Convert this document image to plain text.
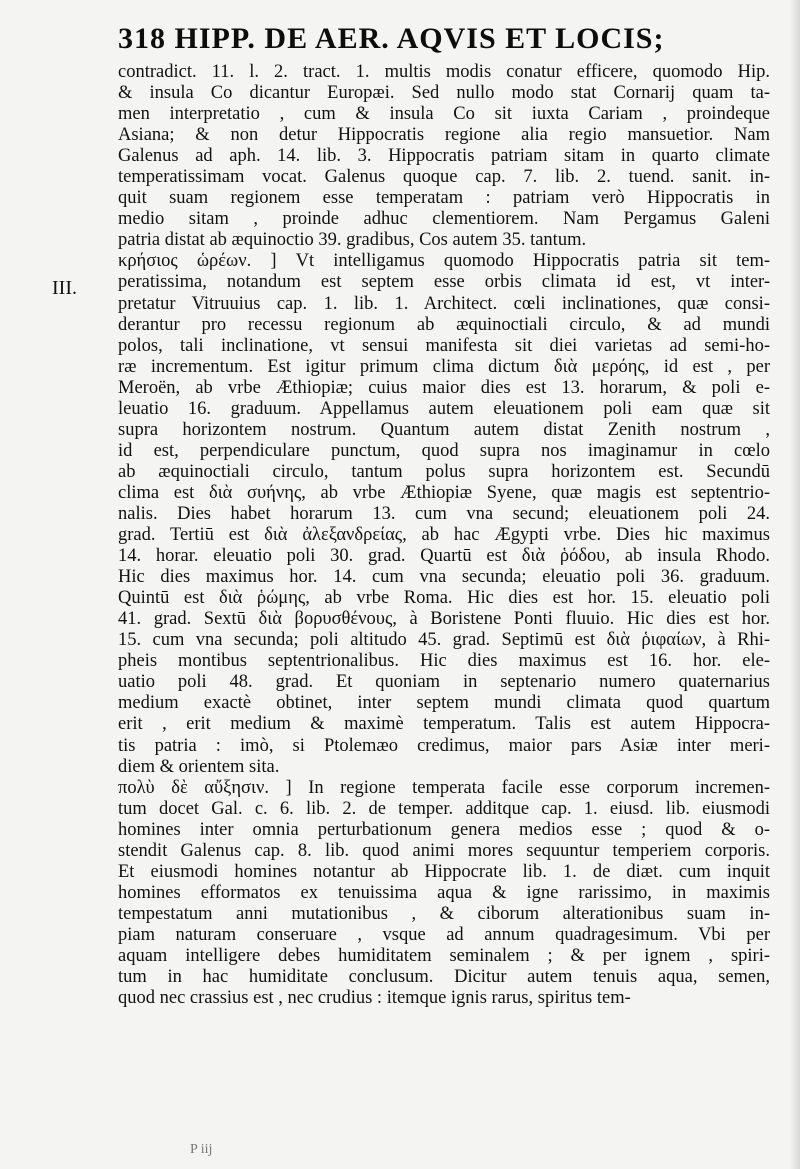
318 HIPP. DE AER. AQVIS ET LOCIS;
III.
contradict. 11. l. 2. tract. 1. multis modis conatur efficere, quomodo Hip.
& insula Co dicantur Europæi. Sed nullo modo stat Cornarij quam ta-
men interpretatio , cum & insula Co sit iuxta Cariam , proindeque
Asiana; & non detur Hippocratis regione alia regio mansuetior. Nam
Galenus ad aph. 14. lib. 3. Hippocratis patriam sitam in quarto climate
temperatissimam vocat. Galenus quoque cap. 7. lib. 2. tuend. sanit. in-
quit suam regionem esse temperatam : patriam verò Hippocratis in
medio sitam , proinde adhuc clementiorem. Nam Pergamus Galeni
patria distat ab æquinoctio 39. gradibus, Cos autem 35. tantum.
κρήσιος ὡρέων. ] Vt intelligamus quomodo Hippocratis patria sit tem-
peratissima, notandum est septem esse orbis climata id est, vt inter-
pretatur Vitruuius cap. 1. lib. 1. Architect. cœli inclinationes, quæ consi-
derantur pro recessu regionum ab æquinoctiali circulo, & ad mundi
polos, tali inclinatione, vt sensui manifesta sit diei varietas ad semi-ho-
ræ incrementum. Est igitur primum clima dictum διὰ μερόης, id est , per
Meroën, ab vrbe Æthiopiæ; cuius maior dies est 13. horarum, & poli e-
leuatio 16. graduum. Appellamus autem eleuationem poli eam quæ sit
supra horizontem nostrum. Quantum autem distat Zenith nostrum ,
id est, perpendiculare punctum, quod supra nos imaginamur in cœlo
ab æquinoctiali circulo, tantum polus supra horizontem est. Secundū
clima est διὰ συήνης, ab vrbe Æthiopiæ Syene, quæ magis est septentrio-
nalis. Dies habet horarum 13. cum vna secund; eleuationem poli 24.
grad. Tertiū est διὰ ἀλεξανδρείας, ab hac Ægypti vrbe. Dies hic maximus
14. horar. eleuatio poli 30. grad. Quartū est διὰ ῥόδου, ab insula Rhodo.
Hic dies maximus hor. 14. cum vna secunda; eleuatio poli 36. graduum.
Quintū est διὰ ῥώμης, ab vrbe Roma. Hic dies est hor. 15. eleuatio poli
41. grad. Sextū διὰ βορυσθένους, à Boristene Ponti fluuio. Hic dies est hor.
15. cum vna secunda; poli altitudo 45. grad. Septimū est διὰ ῥιφαίων, à Rhi-
pheis montibus septentrionalibus. Hic dies maximus est 16. hor. ele-
uatio poli 48. grad. Et quoniam in septenario numero quaternarius
medium exactè obtinet, inter septem mundi climata quod quartum
erit , erit medium & maximè temperatum. Talis est autem Hippocra-
tis patria : imò, si Ptolemæo credimus, maior pars Asiæ inter meri-
diem & orientem sita.
πολὺ δὲ αὔξησιν. ] In regione temperata facile esse corporum incremen-
tum docet Gal. c. 6. lib. 2. de temper. additque cap. 1. eiusd. lib. eiusmodi
homines inter omnia perturbationum genera medios esse ; quod & o-
stendit Galenus cap. 8. lib. quod animi mores sequuntur temperiem corporis.
Et eiusmodi homines notantur ab Hippocrate lib. 1. de diæt. cum inquit
homines efformatos ex tenuissima aqua & igne rarissimo, in maximis
tempestatum anni mutationibus , & ciborum alterationibus suam in-
piam naturam conseruare , vsque ad annum quadragesimum. Vbi per
aquam intelligere debes humiditatem seminalem ; & per ignem , spiri-
tum in hac humiditate conclusum. Dicitur autem tenuis aqua, semen,
quod nec crassius est , nec crudius : itemque ignis rarus, spiritus tem-
P iij
